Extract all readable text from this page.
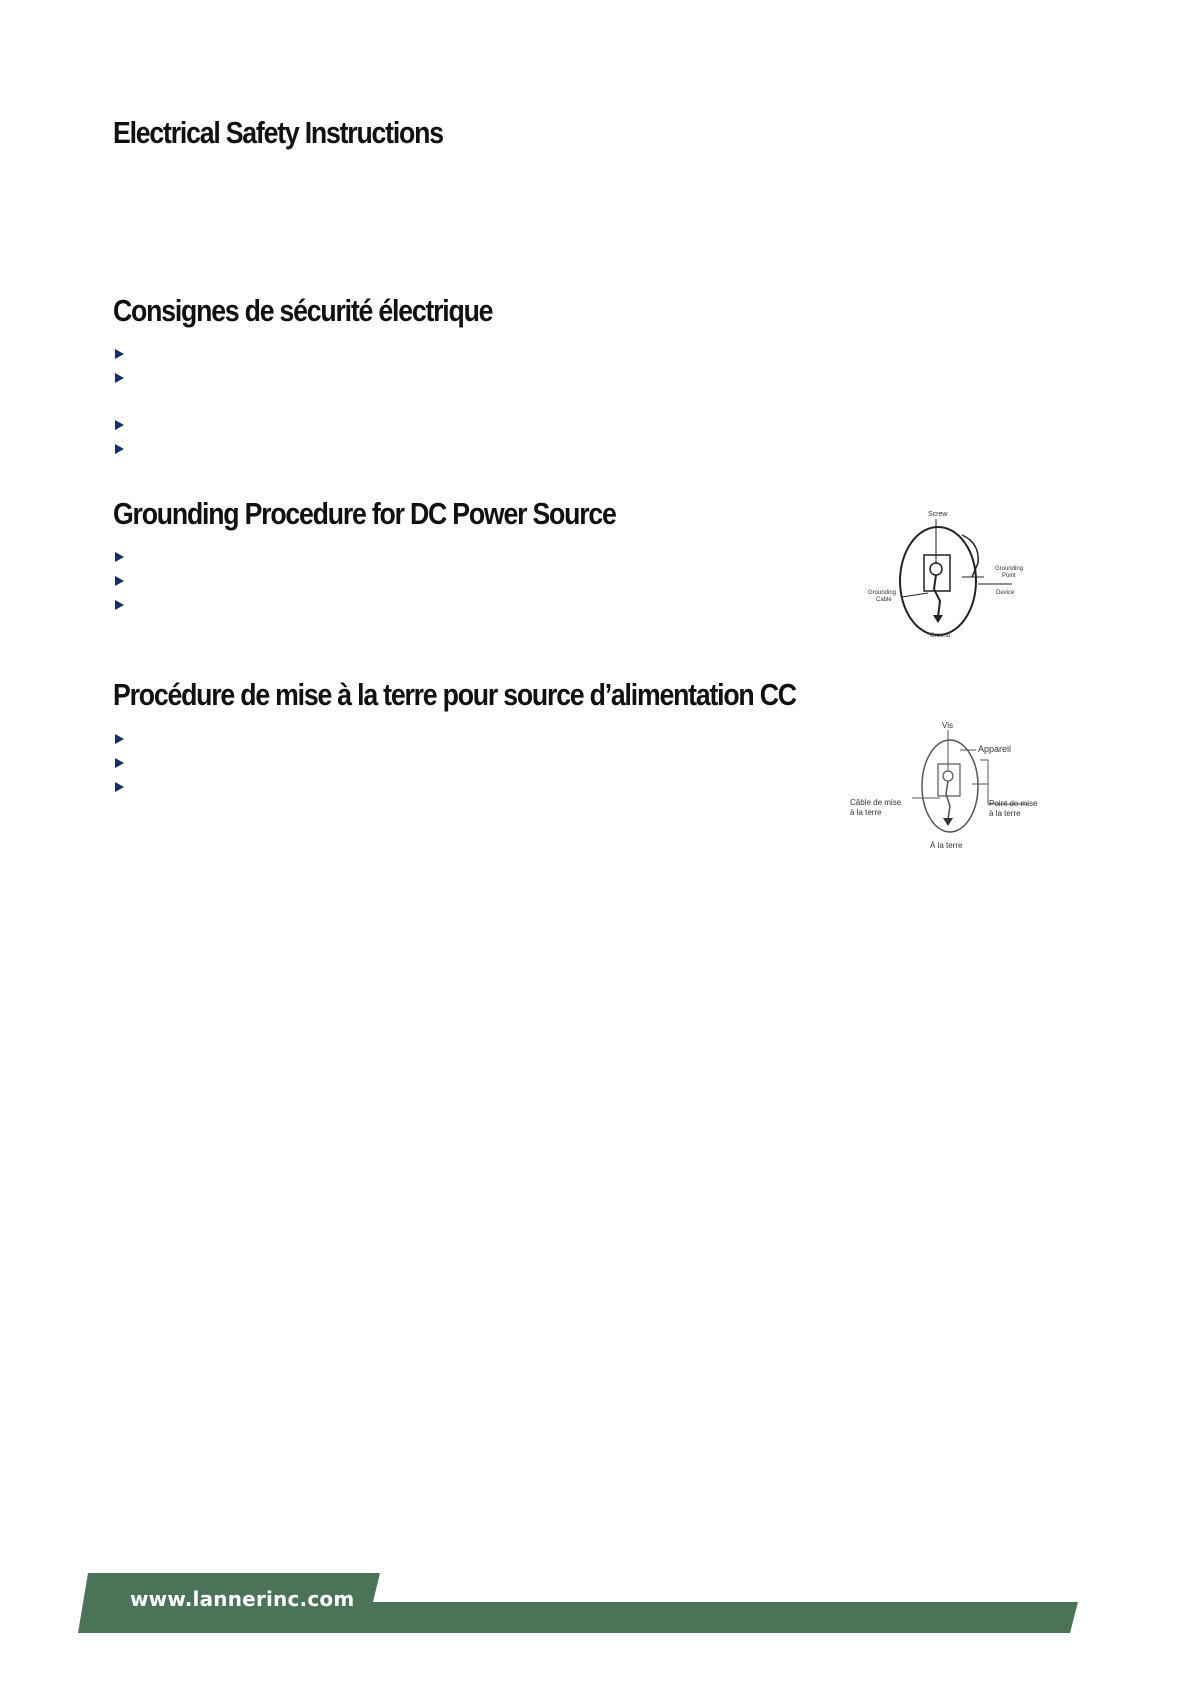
Electrical Safety Instructions
Consignes de sécurité électrique
Grounding Procedure for DC Power Source	Screw
Grounding
Point
Device
Grounding
Cable
Ground
Procédure de mise à la terre pour source d’alimentation CC
Vis
Appareil
Câble de mise
à la terre
Point de mise
à la terre
À la terre
www.lannerinc.com
